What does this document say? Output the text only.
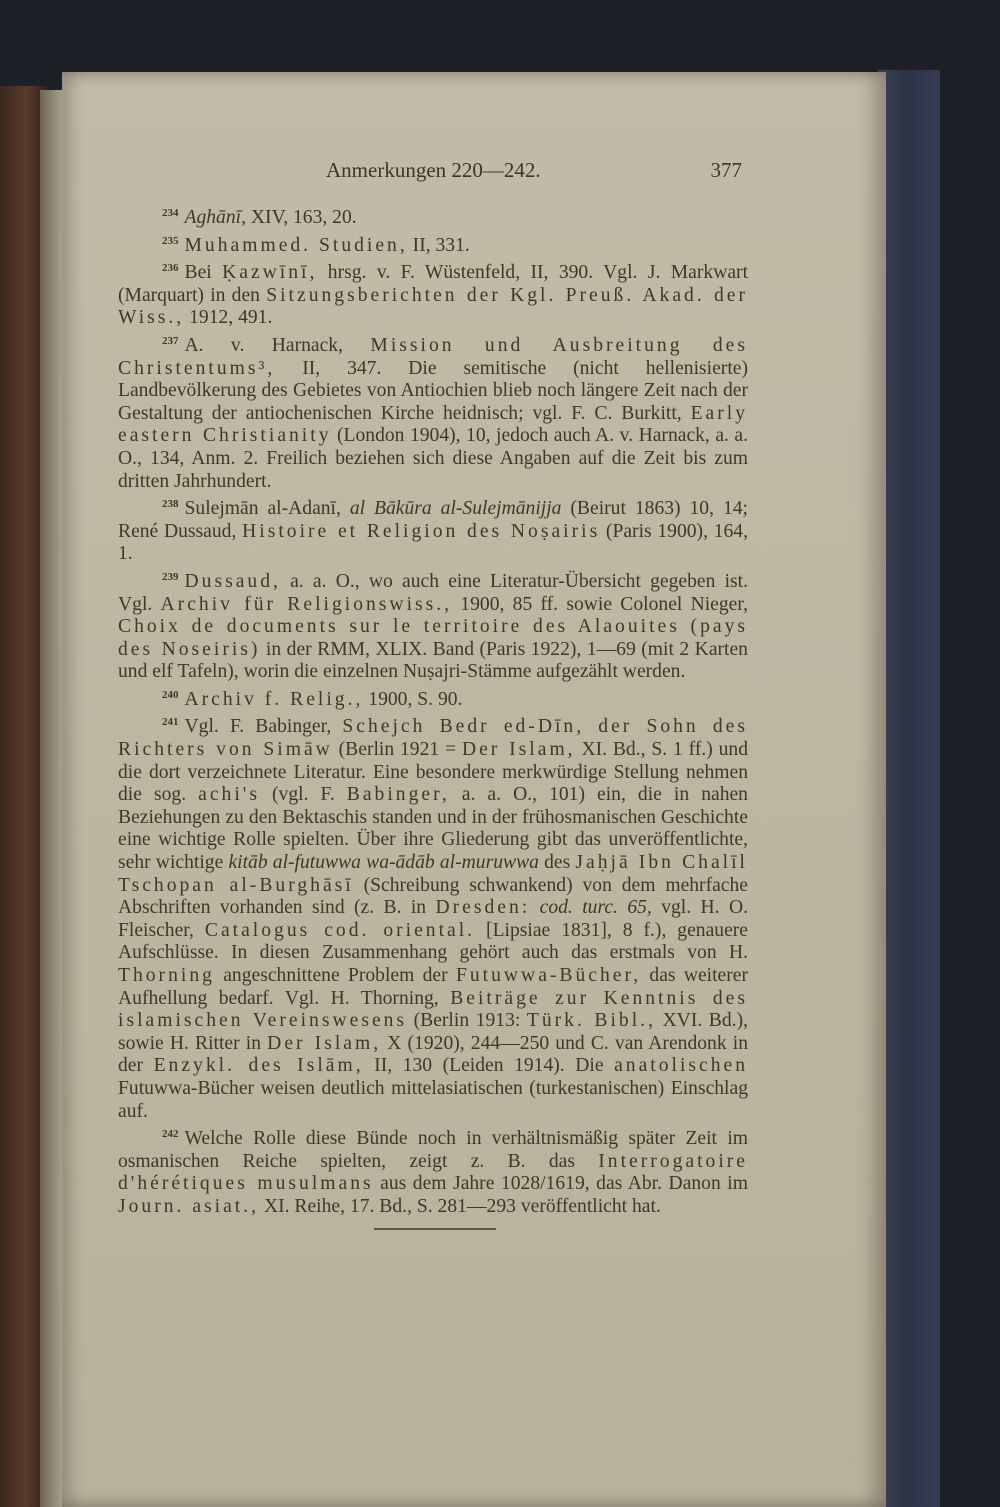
Anmerkungen 220—242.	377

$^{234}$ Aghānī, XIV, 163, 20.

$^{235}$ Muhammed. Studien, II, 331.

$^{236}$ Bei Ḳazwīnī, hrsg. v. F. Wüstenfeld, II, 390. Vgl. J. Markwart (Marquart) in den Sitzungsberichten der Kgl. Preuß. Akad. der Wiss., 1912, 491.

$^{237}$ A. v. Harnack, Mission und Ausbreitung des Christentums³, II, 347. Die semitische (nicht hellenisierte) Landbevölkerung des Gebietes von Antiochien blieb noch längere Zeit nach der Gestaltung der antiochenischen Kirche heidnisch; vgl. F. C. Burkitt, Early eastern Christianity (London 1904), 10, jedoch auch A. v. Harnack, a. a. O., 134, Anm. 2. Freilich beziehen sich diese Angaben auf die Zeit bis zum dritten Jahrhundert.

$^{238}$ Sulejmān al-Adanī, al Bākūra al-Sulejmānijja (Beirut 1863) 10, 14; René Dussaud, Histoire et Religion des Noṣairis (Paris 1900), 164, 1.

$^{239}$ Dussaud, a. a. O., wo auch eine Literatur-Übersicht gegeben ist. Vgl. Archiv für Religionswiss., 1900, 85 ff. sowie Colonel Nieger, Choix de documents sur le territoire des Alaouites (pays des Noseiris) in der RMM, XLIX. Band (Paris 1922), 1—69 (mit 2 Karten und elf Tafeln), worin die einzelnen Nuṣajri-Stämme aufgezählt werden.

$^{240}$ Archiv f. Relig., 1900, S. 90.

$^{241}$ Vgl. F. Babinger, Schejch Bedr ed-Dīn, der Sohn des Richters von Simāw (Berlin 1921 = Der Islam, XI. Bd., S. 1 ff.) und die dort verzeichnete Literatur. Eine besondere merkwürdige Stellung nehmen die sog. achi's (vgl. F. Babinger, a. a. O., 101) ein, die in nahen Beziehungen zu den Bektaschis standen und in der frühosmanischen Geschichte eine wichtige Rolle spielten. Über ihre Gliederung gibt das unveröffentlichte, sehr wichtige kitāb al-futuwwa wa-ādāb al-muruwwa des Jaḥjā Ibn Chalīl Tschopan al-Burghāsī (Schreibung schwankend) von dem mehrfache Abschriften vorhanden sind (z. B. in Dresden: cod. turc. 65, vgl. H. O. Fleischer, Catalogus cod. oriental. [Lipsiae 1831], 8 f.), genauere Aufschlüsse. In diesen Zusammenhang gehört auch das erstmals von H. Thorning angeschnittene Problem der Futuwwa-Bücher, das weiterer Aufhellung bedarf. Vgl. H. Thorning, Beiträge zur Kenntnis des islamischen Vereinswesens (Berlin 1913: Türk. Bibl., XVI. Bd.), sowie H. Ritter in Der Islam, X (1920), 244—250 und C. van Arendonk in der Enzykl. des Islām, II, 130 (Leiden 1914). Die anatolischen Futuwwa-Bücher weisen deutlich mittelasiatischen (turkestanischen) Einschlag auf.

$^{242}$ Welche Rolle diese Bünde noch in verhältnismäßig später Zeit im osmanischen Reiche spielten, zeigt z. B. das Interrogatoire d'hérétiques musulmans aus dem Jahre 1028/1619, das Abr. Danon im Journ. asiat., XI. Reihe, 17. Bd., S. 281—293 veröffentlicht hat.
